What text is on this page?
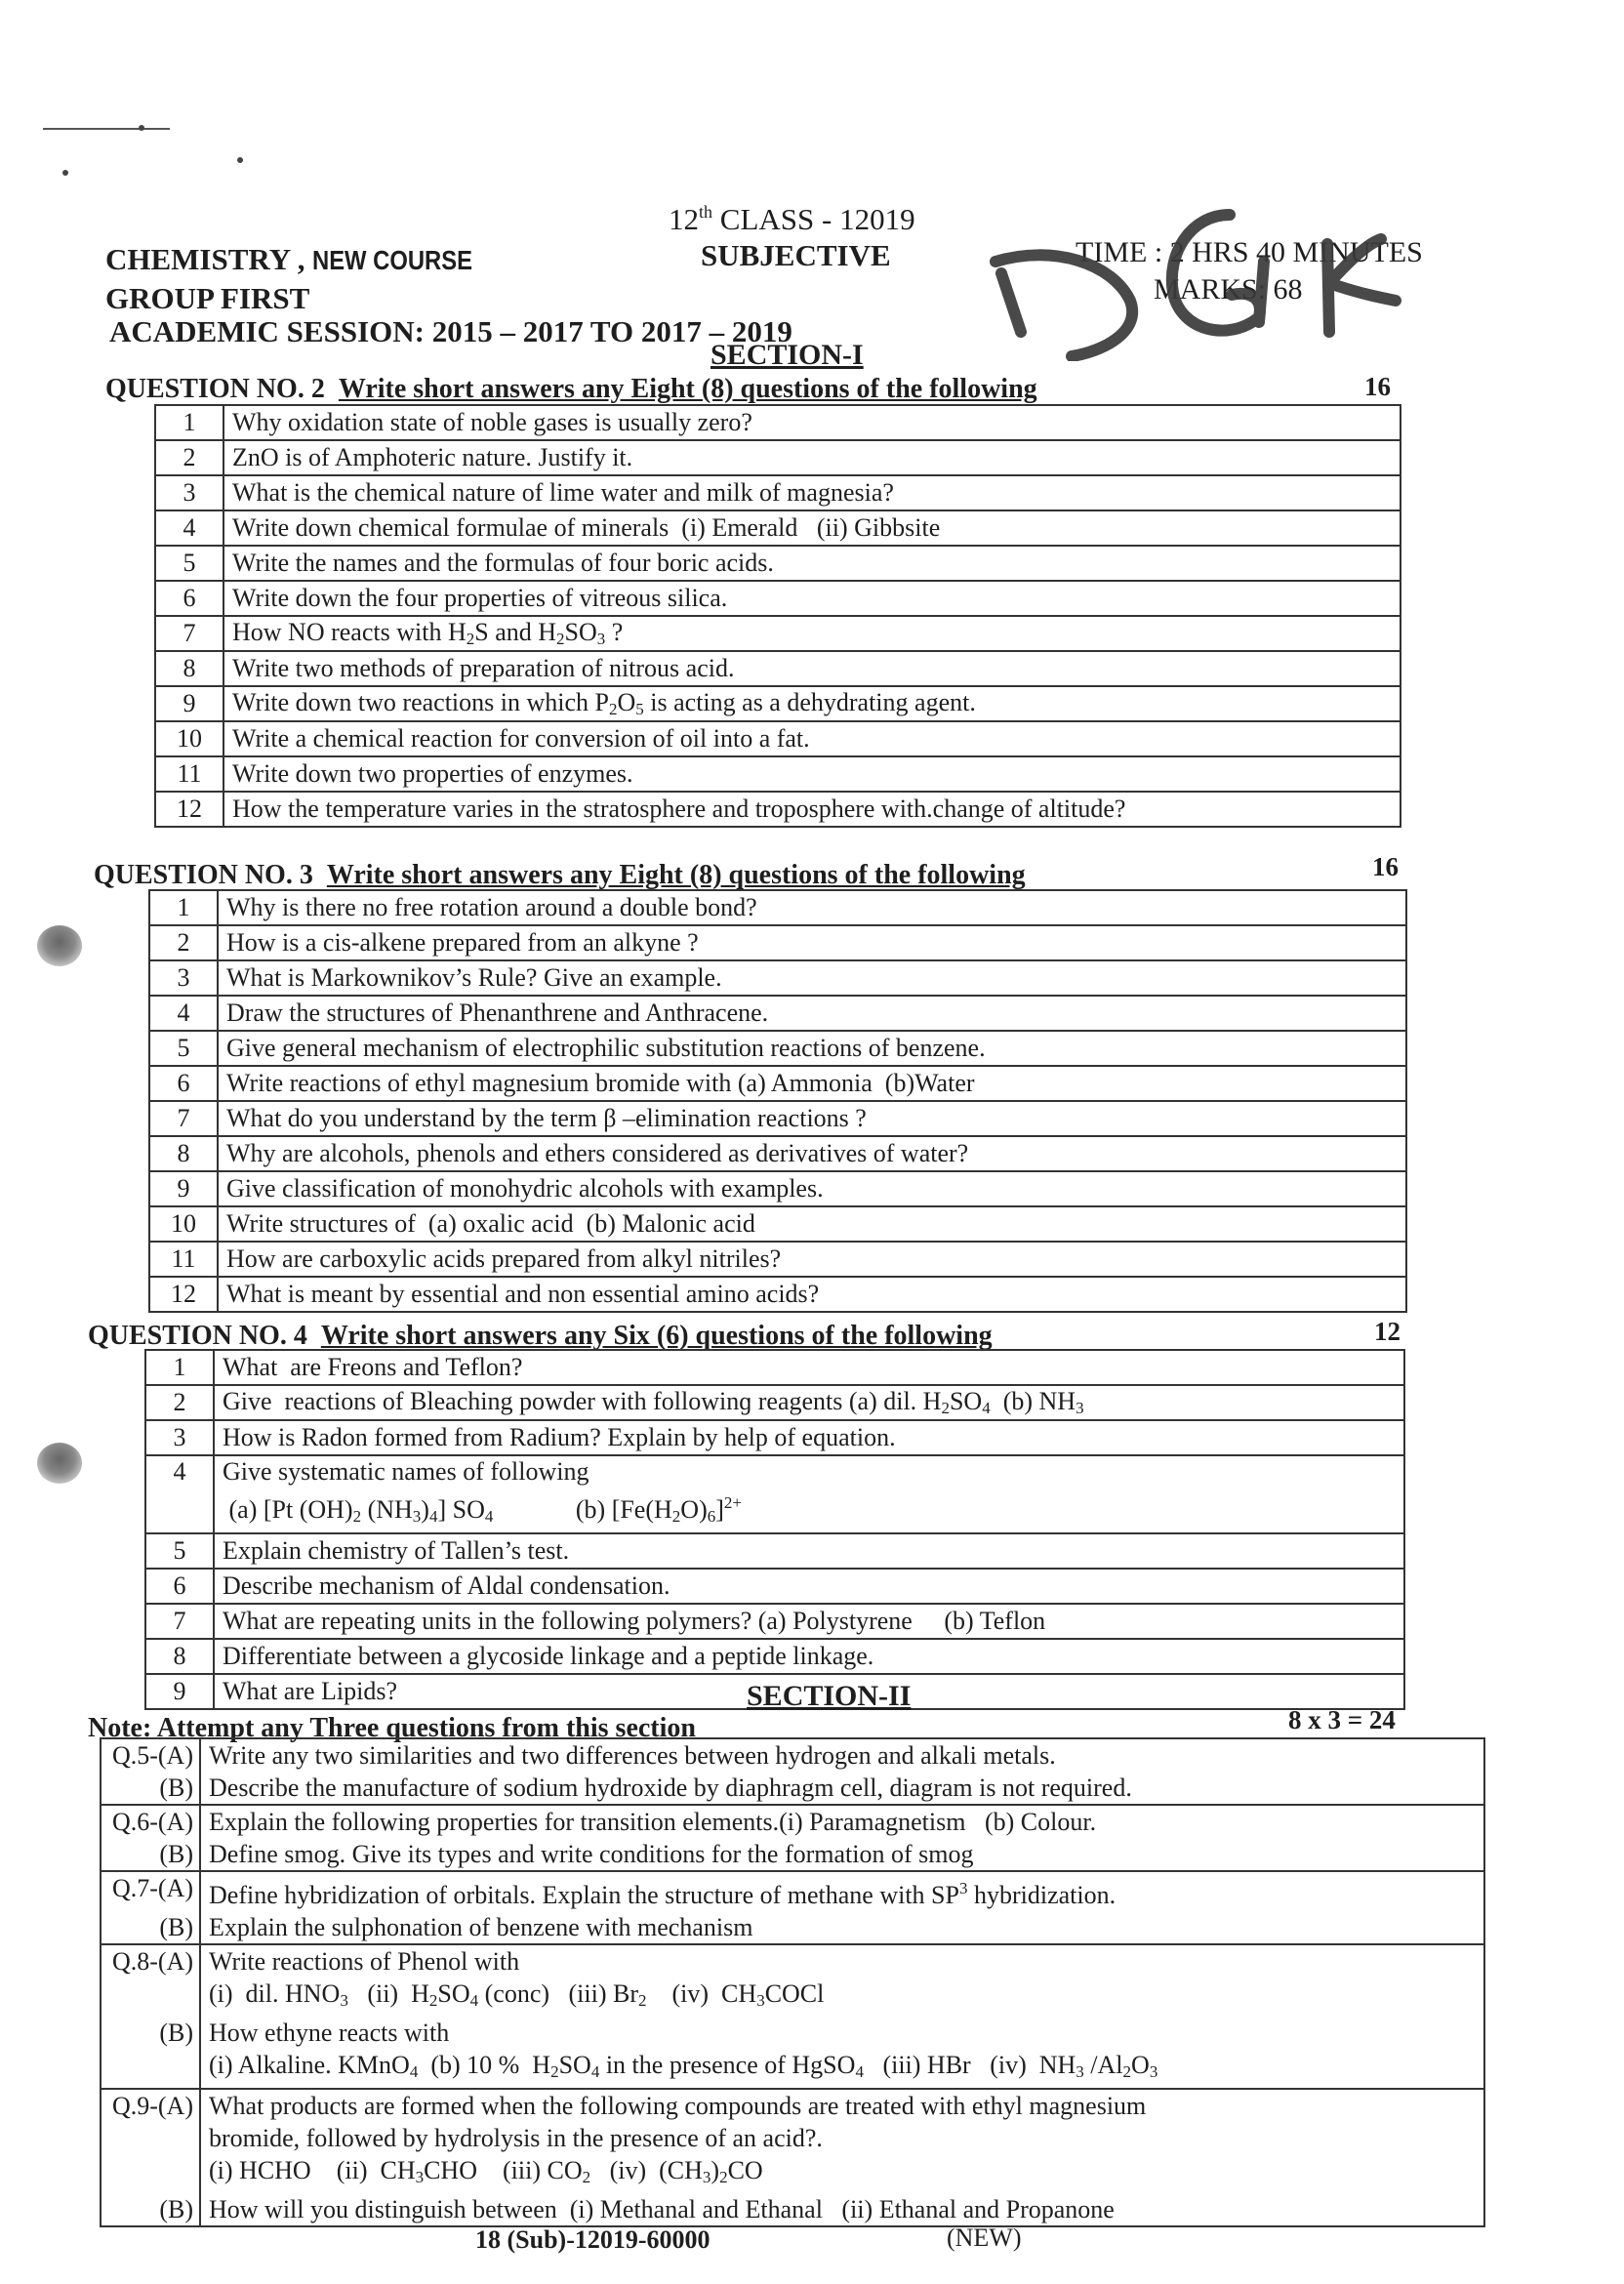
12th CLASS - 12019
CHEMISTRY , NEW COURSE	SUBJECTIVE
GROUP FIRST
ACADEMIC SESSION: 2015 – 2017 TO 2017 – 2019
TIME : 2 HRS 40 MINUTES
MARKS: 68
SECTION-I
QUESTION NO. 2 Write short answers any Eight (8) questions of the following	16
1	Why oxidation state of noble gases is usually zero?
2	ZnO is of Amphoteric nature. Justify it.
3	What is the chemical nature of lime water and milk of magnesia?
4	Write down chemical formulae of minerals  (i) Emerald   (ii) Gibbsite
5	Write the names and the formulas of four boric acids.
6	Write down the four properties of vitreous silica.
7	How NO reacts with $H_2S$ and $H_2SO_3$ ?
8	Write two methods of preparation of nitrous acid.
9	Write down two reactions in which $P_2O_5$ is acting as a dehydrating agent.
10	Write a chemical reaction for conversion of oil into a fat.
11	Write down two properties of enzymes.
12	How the temperature varies in the stratosphere and troposphere with.change of altitude?
QUESTION NO. 3 Write short answers any Eight (8) questions of the following	16
1	Why is there no free rotation around a double bond?
2	How is a cis-alkene prepared from an alkyne ?
3	What is Markownikov’s Rule? Give an example.
4	Draw the structures of Phenanthrene and Anthracene.
5	Give general mechanism of electrophilic substitution reactions of benzene.
6	Write reactions of ethyl magnesium bromide with (a) Ammonia  (b)Water
7	What do you understand by the term β –elimination reactions ?
8	Why are alcohols, phenols and ethers considered as derivatives of water?
9	Give classification of monohydric alcohols with examples.
10	Write structures of  (a) oxalic acid  (b) Malonic acid
11	How are carboxylic acids prepared from alkyl nitriles?
12	What is meant by essential and non essential amino acids?
QUESTION NO. 4 Write short answers any Six (6) questions of the following	12
1	What  are Freons and Teflon?
2	Give  reactions of Bleaching powder with followinɡ reagents (a) dil. $H_2SO_4$  (b) $NH_3$
3	How is Radon formed from Radium? Explain by help of equation.
4	Give systematic names of following
(a) [Pt $(OH)_2$ $(NH_3)_4$] $SO_4$             (b) $[Fe(H_2O)_6]^{2+}$
5	Explain chemistry of Tallen’s test.
6	Describe mechanism of Aldal condensation.
7	What are repeating units in the following polymers? (a) Polystyrene     (b) Teflon
8	Differentiate between a glycoside linkage and a peptide linkage.
9	What are Lipids?	SECTION-II
Note: Attempt any Three questions from this section	8 x 3 = 24
Q.5-(A)	Write any two similarities and two differences between hydrogen and alkali metals.
(B)	Describe the manufacture of sodium hydroxide by diaphragm cell, diagram is not required.
Q.6-(A)	Explain the following properties for transition elements.(i) Paramagnetism   (b) Colour.
(B)	Define smog. Give its types and write conditions for the formation of smog
Q.7-(A)	Define hybridization of orbitals. Explain the structure of methane with $SP^3$ hybridization.
(B)	Explain the sulphonation of benzene with mechanism
Q.8-(A)	Write reactions of Phenol with
	(i)  dil. $HNO_3$   (ii)  $H_2SO_4$ (conc)   (iii) $Br_2$    (iv)  $CH_3COCl$
(B)	How ethyne reacts with
	(i) Alkaline. KMnO$_4$  (b) 10 %  $H_2SO_4$ in the presence of HgSO$_4$   (iii) HBr   (iv)  $NH_3$ $/Al_2O_3$
Q.9-(A)	What products are formed when the following compounds are treated with ethyl magnesium
	bromide, followed by hydrolysis in the presence of an acid?.
	(i) HCHO    (ii)  $CH_3CHO$    (iii) $CO_2$   (iv)  $(CH_3)_2CO$
(B)	How will you distinguish between  (i) Methanal and Ethanal   (ii) Ethanal and Propanone
18 (Sub)-12019-60000	(NEW)
